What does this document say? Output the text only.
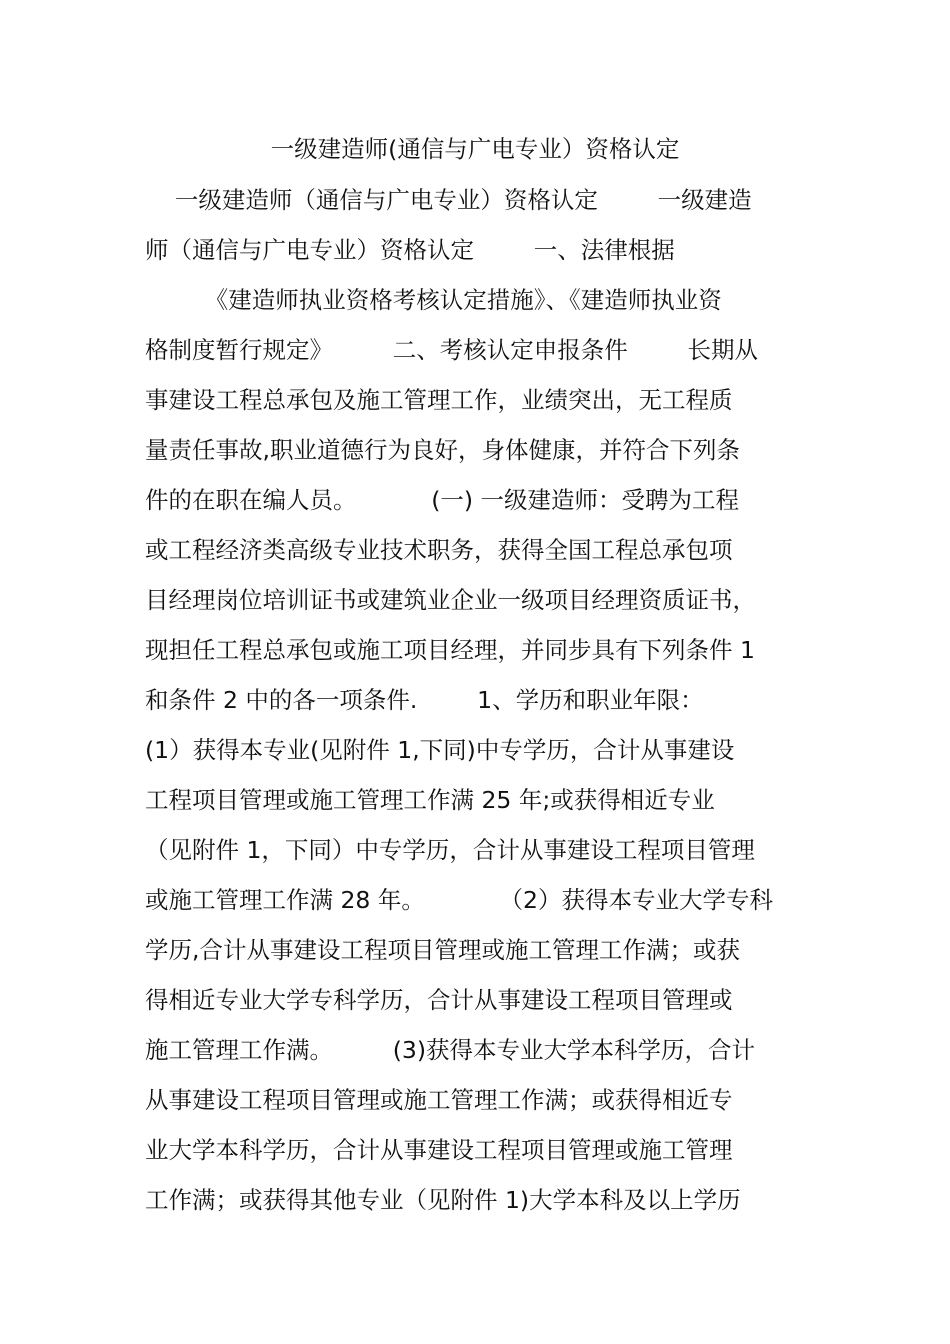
一级建造师(通信与广电专业）资格认定
一级建造师（通信与广电专业）资格认定        一级建造
师（通信与广电专业）资格认定        一、法律根据
《建造师执业资格考核认定措施》、《建造师执业资
格制度暂行规定》        二、考核认定申报条件        长期从
事建设工程总承包及施工管理工作，业绩突出，无工程质
量责任事故,职业道德行为良好，身体健康，并符合下列条
件的在职在编人员。          (一) 一级建造师：受聘为工程
或工程经济类高级专业技术职务，获得全国工程总承包项
目经理岗位培训证书或建筑业企业一级项目经理资质证书，
现担任工程总承包或施工项目经理，并同步具有下列条件 1
和条件 2 中的各一项条件.        1、学历和职业年限：
(1）获得本专业(见附件 1,下同)中专学历，合计从事建设
工程项目管理或施工管理工作满 25 年;或获得相近专业
（见附件 1，下同）中专学历，合计从事建设工程项目管理
或施工管理工作满 28 年。          （2）获得本专业大学专科
学历,合计从事建设工程项目管理或施工管理工作满；或获
得相近专业大学专科学历，合计从事建设工程项目管理或
施工管理工作满。        (3)获得本专业大学本科学历，合计
从事建设工程项目管理或施工管理工作满；或获得相近专
业大学本科学历，合计从事建设工程项目管理或施工管理
工作满；或获得其他专业（见附件 1)大学本科及以上学历
